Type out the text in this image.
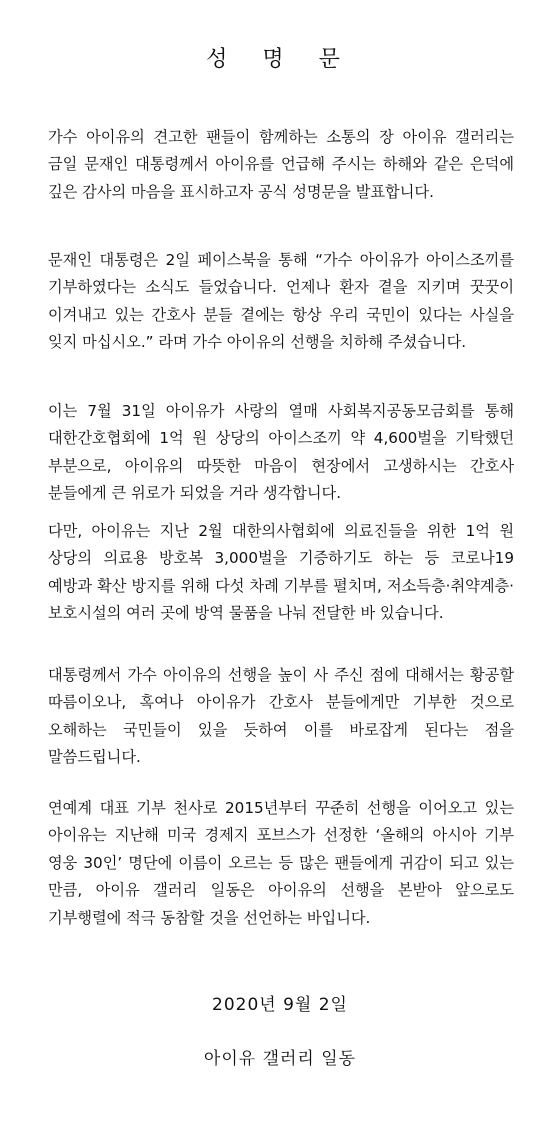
성 명 문

가수 아이유의 견고한 팬들이 함께하는 소통의 장 아이유 갤러리는 금일 문재인 대통령께서 아이유를 언급해 주시는 하해와 같은 은덕에 깊은 감사의 마음을 표시하고자 공식 성명문을 발표합니다.

문재인 대통령은 2일 페이스북을 통해 “가수 아이유가 아이스조끼를 기부하였다는 소식도 들었습니다. 언제나 환자 곁을 지키며 꿋꿋이 이겨내고 있는 간호사 분들 곁에는 항상 우리 국민이 있다는 사실을 잊지 마십시오.” 라며 가수 아이유의 선행을 치하해 주셨습니다.

이는 7월 31일 아이유가 사랑의 열매 사회복지공동모금회를 통해 대한간호협회에 1억 원 상당의 아이스조끼 약 4,600벌을 기탁했던 부분으로, 아이유의 따뜻한 마음이 현장에서 고생하시는 간호사 분들에게 큰 위로가 되었을 거라 생각합니다.

다만, 아이유는 지난 2월 대한의사협회에 의료진들을 위한 1억 원 상당의 의료용 방호복 3,000벌을 기증하기도 하는 등 코로나19 예방과 확산 방지를 위해 다섯 차례 기부를 펼치며, 저소득층·취약계층·보호시설의 여러 곳에 방역 물품을 나눠 전달한 바 있습니다.

대통령께서 가수 아이유의 선행을 높이 사 주신 점에 대해서는 황공할 따름이오나, 혹여나 아이유가 간호사 분들에게만 기부한 것으로 오해하는 국민들이 있을 듯하여 이를 바로잡게 된다는 점을 말씀드립니다.

연예계 대표 기부 천사로 2015년부터 꾸준히 선행을 이어오고 있는 아이유는 지난해 미국 경제지 포브스가 선정한 ‘올해의 아시아 기부 영웅 30인’ 명단에 이름이 오르는 등 많은 팬들에게 귀감이 되고 있는 만큼, 아이유 갤러리 일동은 아이유의 선행을 본받아 앞으로도 기부행렬에 적극 동참할 것을 선언하는 바입니다.

2020년 9월 2일
아이유 갤러리 일동
